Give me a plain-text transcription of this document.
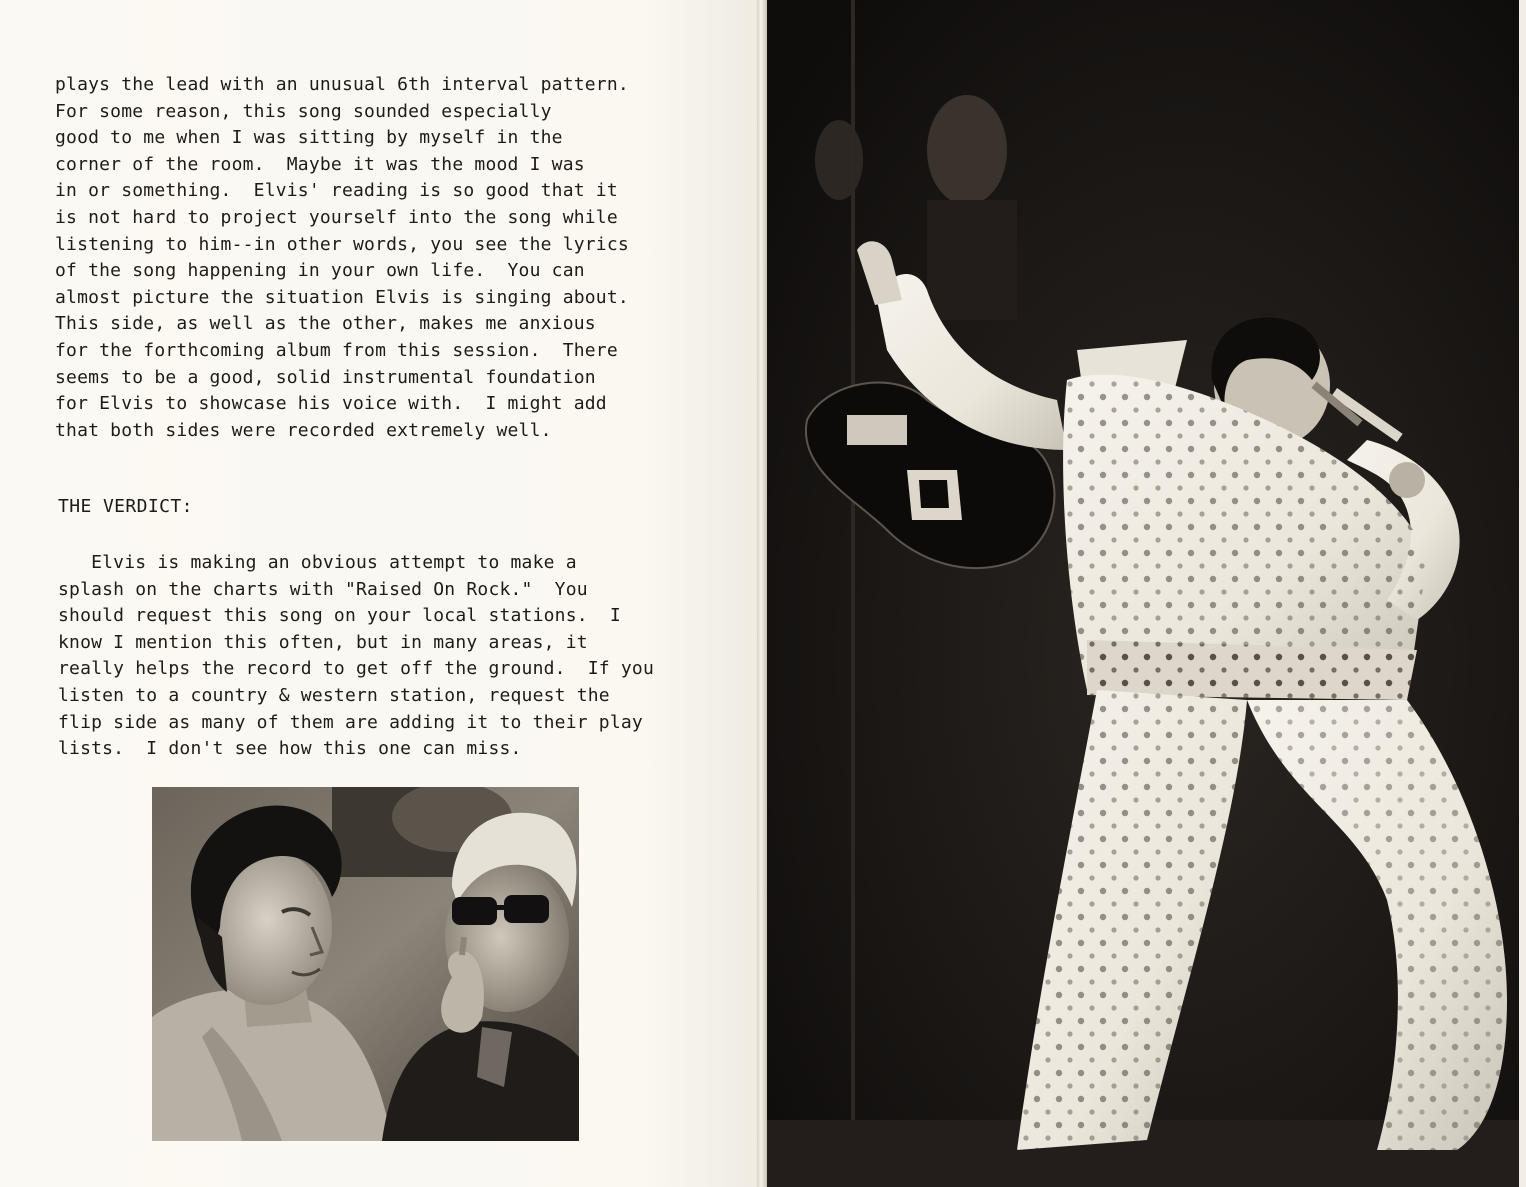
plays the lead with an unusual 6th interval pattern.
For some reason, this song sounded especially
good to me when I was sitting by myself in the
corner of the room.  Maybe it was the mood I was
in or something.  Elvis' reading is so good that it
is not hard to project yourself into the song while
listening to him--in other words, you see the lyrics
of the song happening in your own life.  You can
almost picture the situation Elvis is singing about.
This side, as well as the other, makes me anxious
for the forthcoming album from this session.  There
seems to be a good, solid instrumental foundation
for Elvis to showcase his voice with.  I might add
that both sides were recorded extremely well.
THE VERDICT:
Elvis is making an obvious attempt to make a
splash on the charts with "Raised On Rock."  You
should request this song on your local stations.  I
know I mention this often, but in many areas, it
really helps the record to get off the ground.  If you
listen to a country & western station, request the
flip side as many of them are adding it to their play
lists.  I don't see how this one can miss.
